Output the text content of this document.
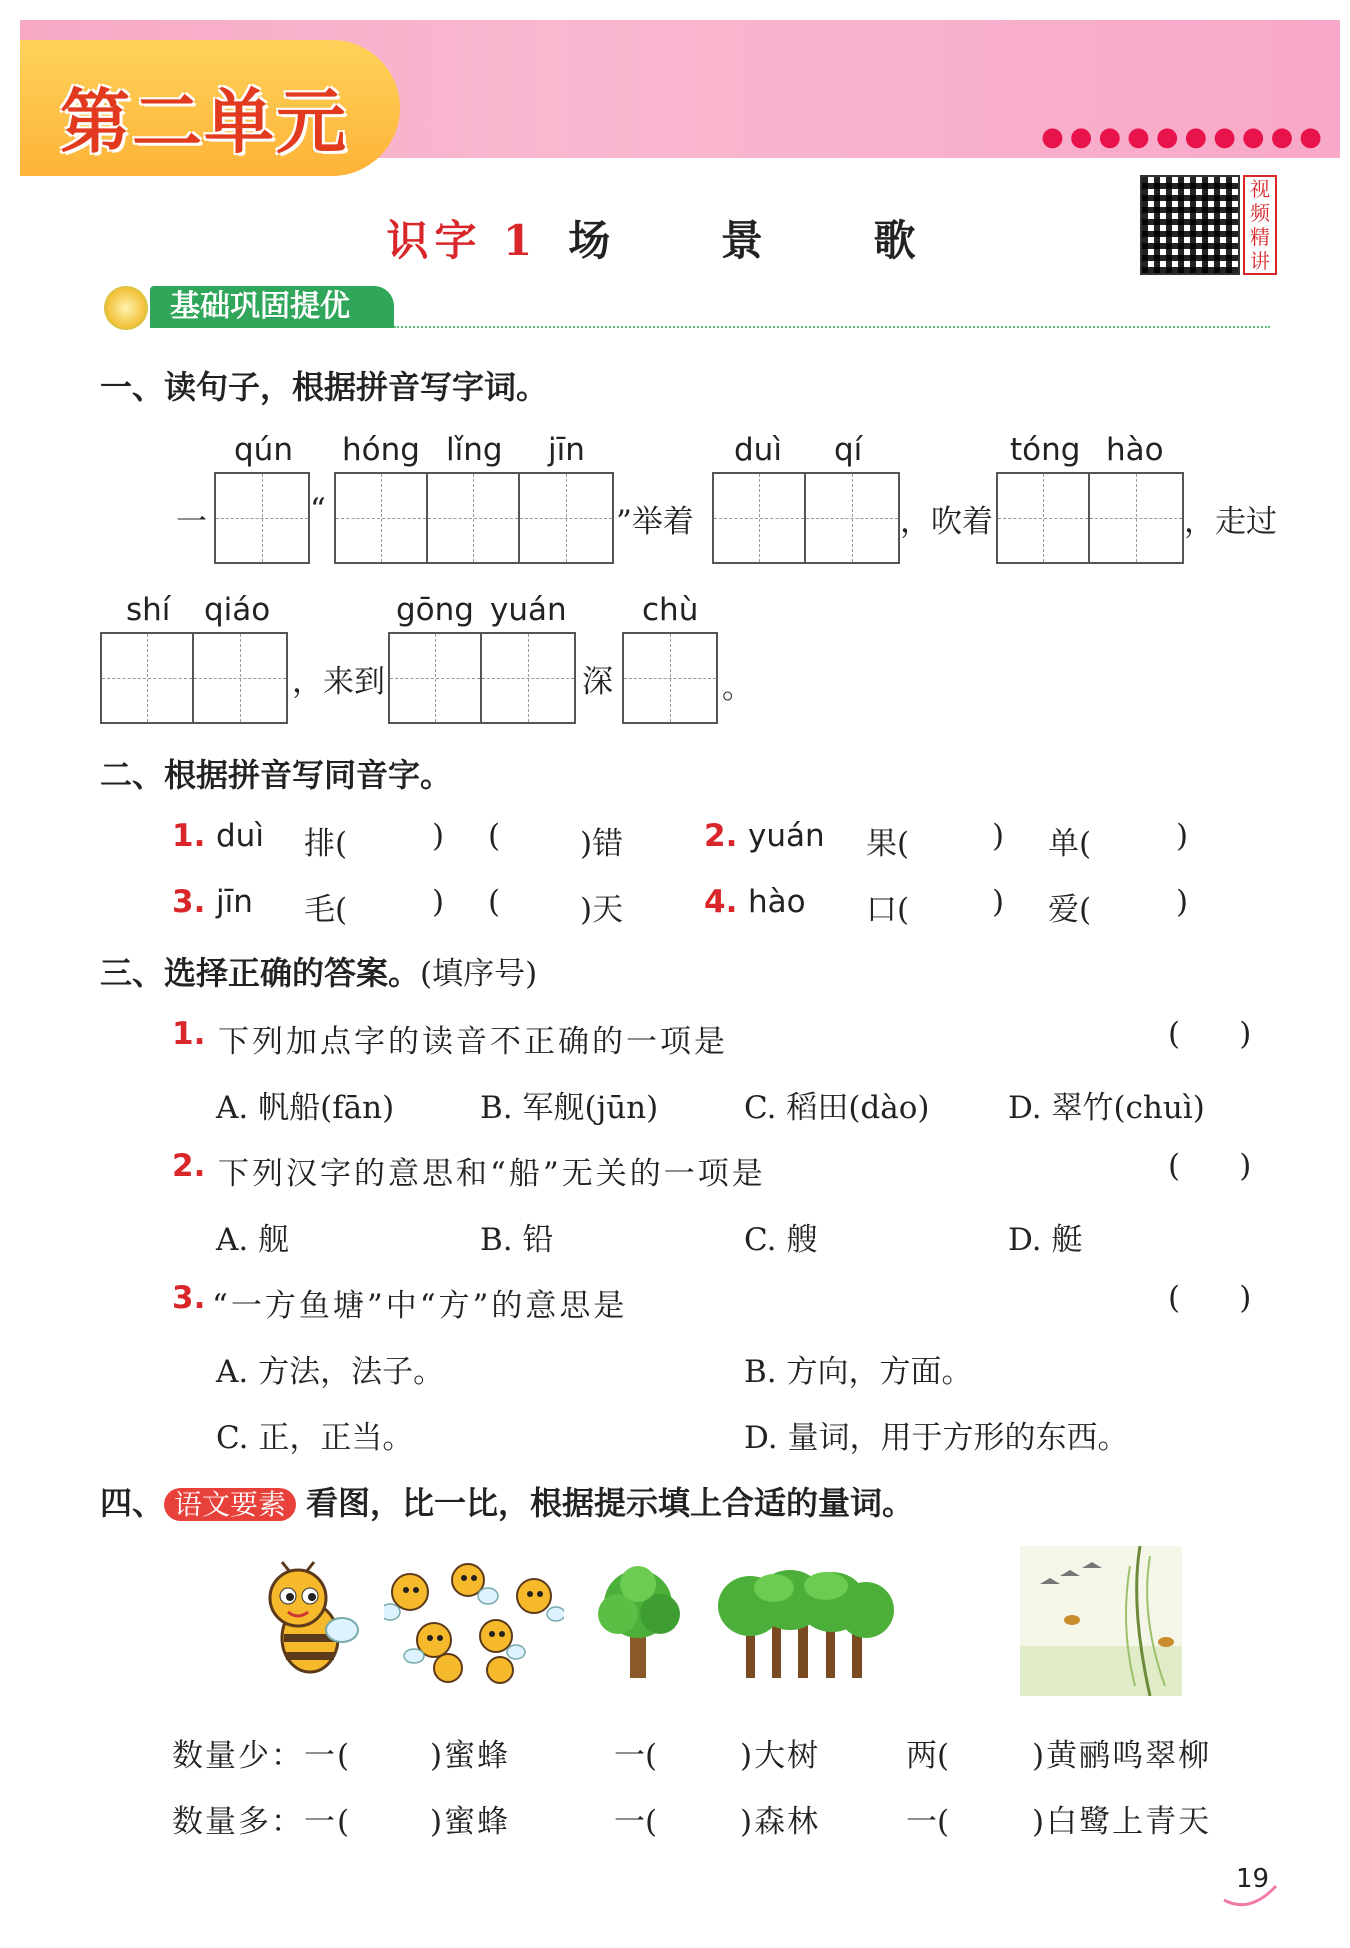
第二单元	●●●●●●●●●●
识字 1 场 景 歌
视频精讲
基础巩固提优
一、读句子，根据拼音写字词。
qún hóng lǐng jīn	duì qí	tóng hào
一	“	”举着	，吹着	，走过
shí qiáo	gōng yuán chù
，来到	深	。
二、根据拼音写同音字。
1. duì 排(	) (	)错	2. yuán 果(	) 单(	)
3. jīn 毛(	) (	)天	4. hào 口(	) 爱(	)
三、选择正确的答案。(填序号)
1. 下列加点字的读音不正确的一项是	(      )
A. 帆船(fān)	B. 军舰(jūn)	C. 稻田(dào)	D. 翠竹(chuì)
2. 下列汉字的意思和“船”无关的一项是	(      )
A. 舰	B. 铅	C. 艘	D. 艇
3. “一方鱼塘”中“方”的意思是	(      )
A. 方法，法子。	B. 方向，方面。
C. 正，正当。	D. 量词，用于方形的东西。
四、 语文要素 看图，比一比，根据提示填上合适的量词。
数量少：一(	)蜜蜂	一(	)大树	两(	)黄鹂鸣翠柳
数量多：一(	)蜜蜂	一(	)森林	一(	)白鹭上青天
19
